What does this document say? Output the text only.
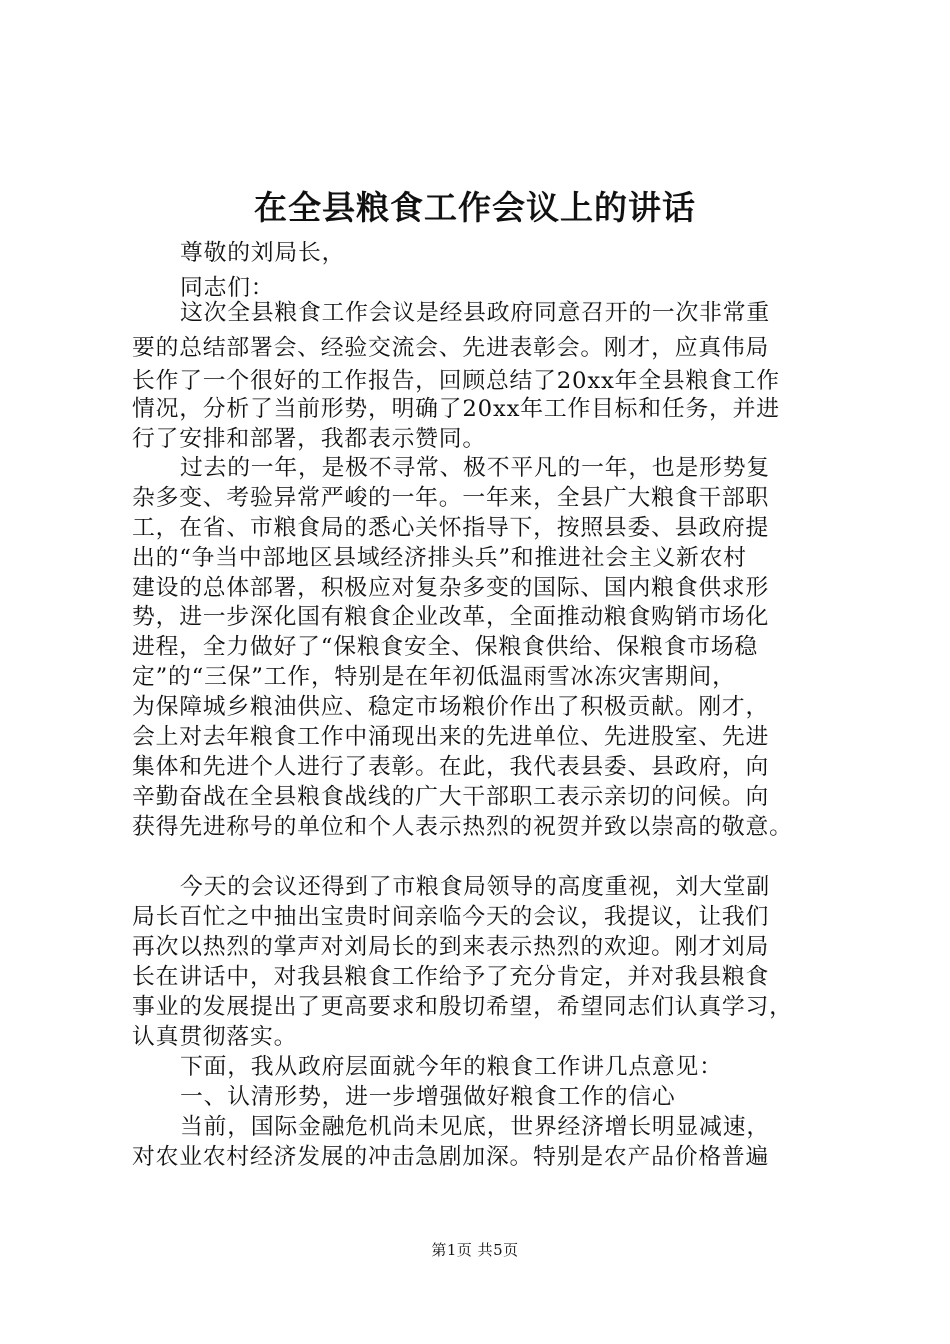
在全县粮食工作会议上的讲话
尊敬的刘局长，
同志们：
这次全县粮食工作会议是经县政府同意召开的一次非常重
要的总结部署会、经验交流会、先进表彰会。刚才，应真伟局
长作了一个很好的工作报告，回顾总结了20xx年全县粮食工作
情况，分析了当前形势，明确了20xx年工作目标和任务，并进
行了安排和部署，我都表示赞同。
过去的一年，是极不寻常、极不平凡的一年，也是形势复
杂多变、考验异常严峻的一年。一年来，全县广大粮食干部职
工，在省、市粮食局的悉心关怀指导下，按照县委、县政府提
出的“争当中部地区县域经济排头兵”和推进社会主义新农村
建设的总体部署，积极应对复杂多变的国际、国内粮食供求形
势，进一步深化国有粮食企业改革，全面推动粮食购销市场化
进程，全力做好了“保粮食安全、保粮食供给、保粮食市场稳
定”的“三保”工作，特别是在年初低温雨雪冰冻灾害期间，
为保障城乡粮油供应、稳定市场粮价作出了积极贡献。刚才，
会上对去年粮食工作中涌现出来的先进单位、先进股室、先进
集体和先进个人进行了表彰。在此，我代表县委、县政府，向
辛勤奋战在全县粮食战线的广大干部职工表示亲切的问候。向
获得先进称号的单位和个人表示热烈的祝贺并致以崇高的敬意。
今天的会议还得到了市粮食局领导的高度重视，刘大堂副
局长百忙之中抽出宝贵时间亲临今天的会议，我提议，让我们
再次以热烈的掌声对刘局长的到来表示热烈的欢迎。刚才刘局
长在讲话中，对我县粮食工作给予了充分肯定，并对我县粮食
事业的发展提出了更高要求和殷切希望，希望同志们认真学习，
认真贯彻落实。
下面，我从政府层面就今年的粮食工作讲几点意见：
一、认清形势，进一步增强做好粮食工作的信心
当前，国际金融危机尚未见底，世界经济增长明显减速，
对农业农村经济发展的冲击急剧加深。特别是农产品价格普遍
第1页 共5页
